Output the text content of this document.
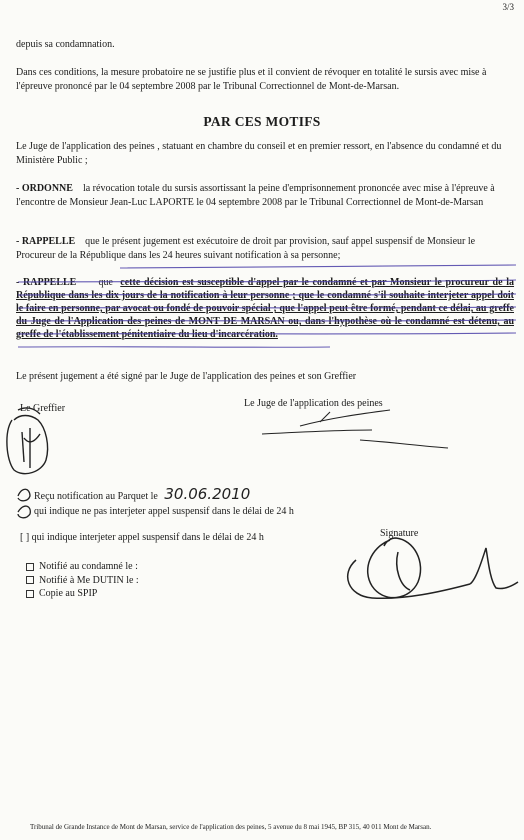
3/3
depuis sa condamnation.
Dans ces conditions, la mesure probatoire ne se justifie plus et il convient de révoquer en totalité le sursis avec mise à l'épreuve prononcé par le 04 septembre 2008 par le Tribunal Correctionnel de Mont-de-Marsan.
PAR CES MOTIFS
Le Juge de l'application des peines , statuant en chambre du conseil et en premier ressort, en l'absence du condamné et du Ministère Public ;
- ORDONNE la révocation totale du sursis assortissant la peine d'emprisonnement prononcée avec mise à l'épreuve à l'encontre de Monsieur Jean-Luc LAPORTE le 04 septembre 2008 par le Tribunal Correctionnel de Mont-de-Marsan
- RAPPELLE que le présent jugement est exécutoire de droit par provision, sauf appel suspensif de Monsieur le Procureur de la République dans les 24 heures suivant notification à sa personne;
- RAPPELLE que cette décision est susceptible d'appel par le condamné et par Monsieur le procureur de la République dans les dix jours de la notification à leur personne ; que le condamné s'il souhaite interjeter appel doit le faire en personne, par avocat ou fondé de pouvoir spécial ; que l'appel peut être formé, pendant ce délai, au greffe du Juge de l'Application des peines de MONT DE MARSAN ou, dans l'hypothèse où le condamné est détenu, au greffe de l'établissement pénitentiaire du lieu d'incarcération.
Le présent jugement a été signé par le Juge de l'application des peines et son Greffier
Le Greffier	Le Juge de l'application des peines
Reçu notification au Parquet le 30.06.2010
qui indique ne pas interjeter appel suspensif dans le délai de 24 h
[ ] qui indique interjeter appel suspensif dans le délai de 24 h	Signature
Notifié au condamné le :
Notifié à Me DUTIN le :
Copie au SPIP
Tribunal de Grande Instance de Mont de Marsan, service de l'application des peines, 5 avenue du 8 mai 1945, BP 315, 40 011 Mont de Marsan.
